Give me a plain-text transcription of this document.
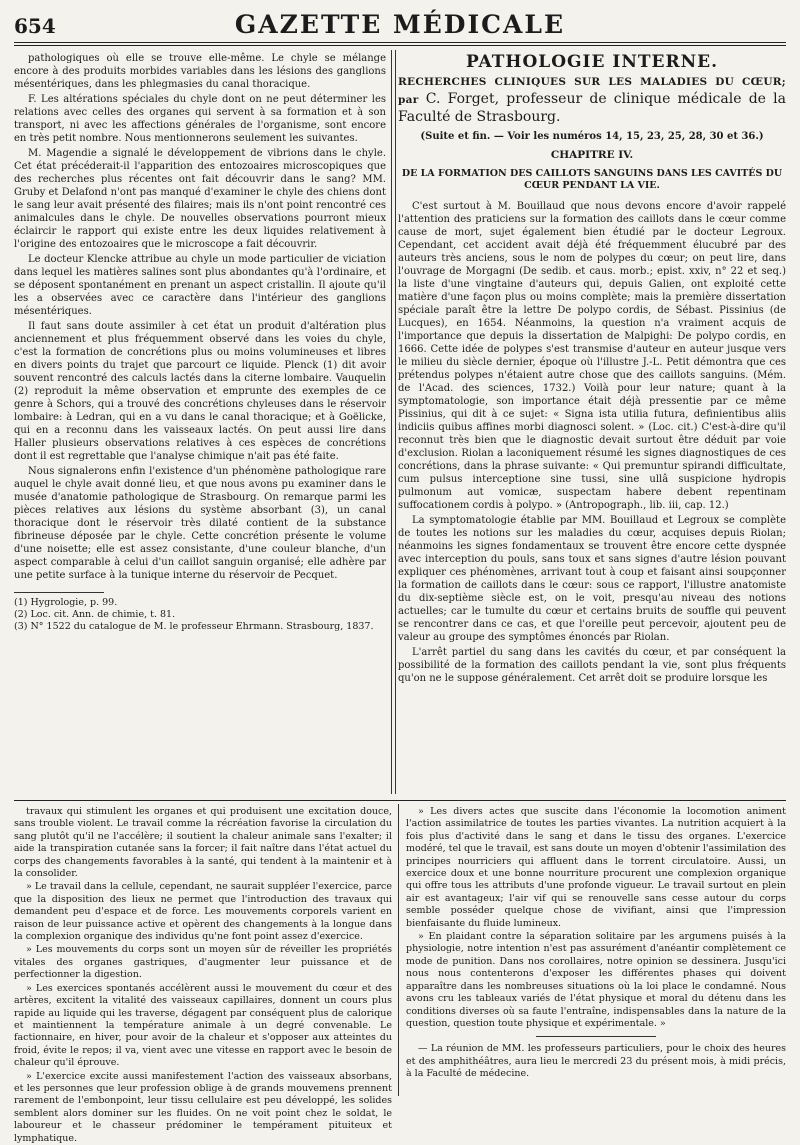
654	GAZETTE MÉDICALE

pathologiques où elle se trouve elle-même. Le chyle se mélange encore à des produits morbides variables dans les lésions des ganglions mésentériques, dans les phlegmasies du canal thoracique.

F. Les altérations spéciales du chyle dont on ne peut déterminer les relations avec celles des organes qui servent à sa formation et à son transport, ni avec les affections générales de l'organisme, sont encore en très petit nombre. Nous mentionnerons seulement les suivantes.

M. Magendie a signalé le développement de vibrions dans le chyle. Cet état précéderait-il l'apparition des entozoaires microscopiques que des recherches plus récentes ont fait découvrir dans le sang? MM. Gruby et Delafond n'ont pas manqué d'examiner le chyle des chiens dont le sang leur avait présenté des filaires; mais ils n'ont point rencontré ces animalcules dans le chyle. De nouvelles observations pourront mieux éclaircir le rapport qui existe entre les deux liquides relativement à l'origine des entozoaires que le microscope a fait découvrir.

Le docteur Klencke attribue au chyle un mode particulier de viciation dans lequel les matières salines sont plus abondantes qu'à l'ordinaire, et se déposent spontanément en prenant un aspect cristallin. Il ajoute qu'il les a observées avec ce caractère dans l'intérieur des ganglions mésentériques.

Il faut sans doute assimiler à cet état un produit d'altération plus anciennement et plus fréquemment observé dans les voies du chyle, c'est la formation de concrétions plus ou moins volumineuses et libres en divers points du trajet que parcourt ce liquide. Plenck (1) dit avoir souvent rencontré des calculs lactés dans la citerne lombaire. Vauquelin (2) reproduit la même observation et emprunte des exemples de ce genre à Schors, qui a trouvé des concrétions chyleuses dans le réservoir lombaire: à Ledran, qui en a vu dans le canal thoracique; et à Goëlicke, qui en a reconnu dans les vaisseaux lactés. On peut aussi lire dans Haller plusieurs observations relatives à ces espèces de concrétions dont il est regrettable que l'analyse chimique n'ait pas été faite.

Nous signalerons enfin l'existence d'un phénomène pathologique rare auquel le chyle avait donné lieu, et que nous avons pu examiner dans le musée d'anatomie pathologique de Strasbourg. On remarque parmi les pièces relatives aux lésions du système absorbant (3), un canal thoracique dont le réservoir très dilaté contient de la substance fibrineuse déposée par le chyle. Cette concrétion présente le volume d'une noisette; elle est assez consistante, d'une couleur blanche, d'un aspect comparable à celui d'un caillot sanguin organisé; elle adhère par une petite surface à la tunique interne du réservoir de Pecquet.

(1) Hygrologie, p. 99.

(2) Loc. cit. Ann. de chimie, t. 81.

(3) N° 1522 du catalogue de M. le professeur Ehrmann. Strasbourg, 1837.

PATHOLOGIE INTERNE.

RECHERCHES CLINIQUES SUR LES MALADIES DU CŒUR; par C. Forget, professeur de clinique médicale de la Faculté de Strasbourg.

(Suite et fin. — Voir les numéros 14, 15, 23, 25, 28, 30 et 36.)

CHAPITRE IV.

DE LA FORMATION DES CAILLOTS SANGUINS DANS LES CAVITÉS DU CŒUR PENDANT LA VIE.

C'est surtout à M. Bouillaud que nous devons encore d'avoir rappelé l'attention des praticiens sur la formation des caillots dans le cœur comme cause de mort, sujet également bien étudié par le docteur Legroux. Cependant, cet accident avait déjà été fréquemment élucubré par des auteurs très anciens, sous le nom de polypes du cœur; on peut lire, dans l'ouvrage de Morgagni (De sedib. et caus. morb.; epist. xxiv, n° 22 et seq.) la liste d'une vingtaine d'auteurs qui, depuis Galien, ont exploité cette matière d'une façon plus ou moins complète; mais la première dissertation spéciale paraît être la lettre De polypo cordis, de Sébast. Pissinius (de Lucques), en 1654. Néanmoins, la question n'a vraiment acquis de l'importance que depuis la dissertation de Malpighi: De polypo cordis, en 1666. Cette idée de polypes s'est transmise d'auteur en auteur jusque vers le milieu du siècle dernier, époque où l'illustre J.-L. Petit démontra que ces prétendus polypes n'étaient autre chose que des caillots sanguins. (Mém. de l'Acad. des sciences, 1732.) Voilà pour leur nature; quant à la symptomatologie, son importance était déjà pressentie par ce même Pissinius, qui dit à ce sujet: « Signa ista utilia futura, definientibus aliis indiciis quibus affines morbi diagnosci solent. » (Loc. cit.) C'est-à-dire qu'il reconnut très bien que le diagnostic devait surtout être déduit par voie d'exclusion. Riolan a laconiquement résumé les signes diagnostiques de ces concrétions, dans la phrase suivante: « Qui premuntur spirandi difficultate, cum pulsus interceptione sine tussi, sine ullâ suspicione hydropis pulmonum aut vomicæ, suspectam habere debent repentinam suffocationem cordis à polypo. » (Antropograph., lib. iii, cap. 12.)

La symptomatologie établie par MM. Bouillaud et Legroux se complète de toutes les notions sur les maladies du cœur, acquises depuis Riolan; néanmoins les signes fondamentaux se trouvent être encore cette dyspnée avec interception du pouls, sans toux et sans signes d'autre lésion pouvant expliquer ces phénomènes, arrivant tout à coup et faisant ainsi soupçonner la formation de caillots dans le cœur: sous ce rapport, l'illustre anatomiste du dix-septième siècle est, on le voit, presqu'au niveau des notions actuelles; car le tumulte du cœur et certains bruits de souffle qui peuvent se rencontrer dans ce cas, et que l'oreille peut percevoir, ajoutent peu de valeur au groupe des symptômes énoncés par Riolan.

L'arrêt partiel du sang dans les cavités du cœur, et par conséquent la possibilité de la formation des caillots pendant la vie, sont plus fréquents qu'on ne le suppose généralement. Cet arrêt doit se produire lorsque les

travaux qui stimulent les organes et qui produisent une excitation douce, sans trouble violent. Le travail comme la récréation favorise la circulation du sang plutôt qu'il ne l'accélère; il soutient la chaleur animale sans l'exalter; il aide la transpiration cutanée sans la forcer; il fait naître dans l'état actuel du corps des changements favorables à la santé, qui tendent à la maintenir et à la consolider.

» Le travail dans la cellule, cependant, ne saurait suppléer l'exercice, parce que la disposition des lieux ne permet que l'introduction des travaux qui demandent peu d'espace et de force. Les mouvements corporels varient en raison de leur puissance active et opèrent des changements à la longue dans la complexion organique des individus qu'ne font point assez d'exercice.

» Les mouvements du corps sont un moyen sûr de réveiller les propriétés vitales des organes gastriques, d'augmenter leur puissance et de perfectionner la digestion.

» Les exercices spontanés accélèrent aussi le mouvement du cœur et des artères, excitent la vitalité des vaisseaux capillaires, donnent un cours plus rapide au liquide qui les traverse, dégagent par conséquent plus de calorique et maintiennent la température animale à un degré convenable. Le factionnaire, en hiver, pour avoir de la chaleur et s'opposer aux atteintes du froid, évite le repos; il va, vient avec une vitesse en rapport avec le besoin de chaleur qu'il éprouve.

» L'exercice excite aussi manifestement l'action des vaisseaux absorbans, et les personnes que leur profession oblige à de grands mouvemens prennent rarement de l'embonpoint, leur tissu cellulaire est peu développé, les solides semblent alors dominer sur les fluides. On ne voit point chez le soldat, le laboureur et le chasseur prédominer le tempérament pituiteux et lymphatique.

» Les divers actes que suscite dans l'économie la locomotion animent l'action assimilatrice de toutes les parties vivantes. La nutrition acquiert à la fois plus d'activité dans le sang et dans le tissu des organes. L'exercice modéré, tel que le travail, est sans doute un moyen d'obtenir l'assimilation des principes nourriciers qui affluent dans le torrent circulatoire. Aussi, un exercice doux et une bonne nourriture procurent une complexion organique qui offre tous les attributs d'une profonde vigueur. Le travail surtout en plein air est avantageux; l'air vif qui se renouvelle sans cesse autour du corps semble posséder quelque chose de vivifiant, ainsi que l'impression bienfaisante du fluide lumineux.

» En plaidant contre la séparation solitaire par les argumens puisés à la physiologie, notre intention n'est pas assurément d'anéantir complètement ce mode de punition. Dans nos corollaires, notre opinion se dessinera. Jusqu'ici nous nous contenterons d'exposer les différentes phases qui doivent apparaître dans les nombreuses situations où la loi place le condamné. Nous avons cru les tableaux variés de l'état physique et moral du détenu dans les conditions diverses où sa faute l'entraîne, indispensables dans la nature de la question, question toute physique et expérimentale. »

— La réunion de MM. les professeurs particuliers, pour le choix des heures et des amphithéâtres, aura lieu le mercredi 23 du présent mois, à midi précis, à la Faculté de médecine.
